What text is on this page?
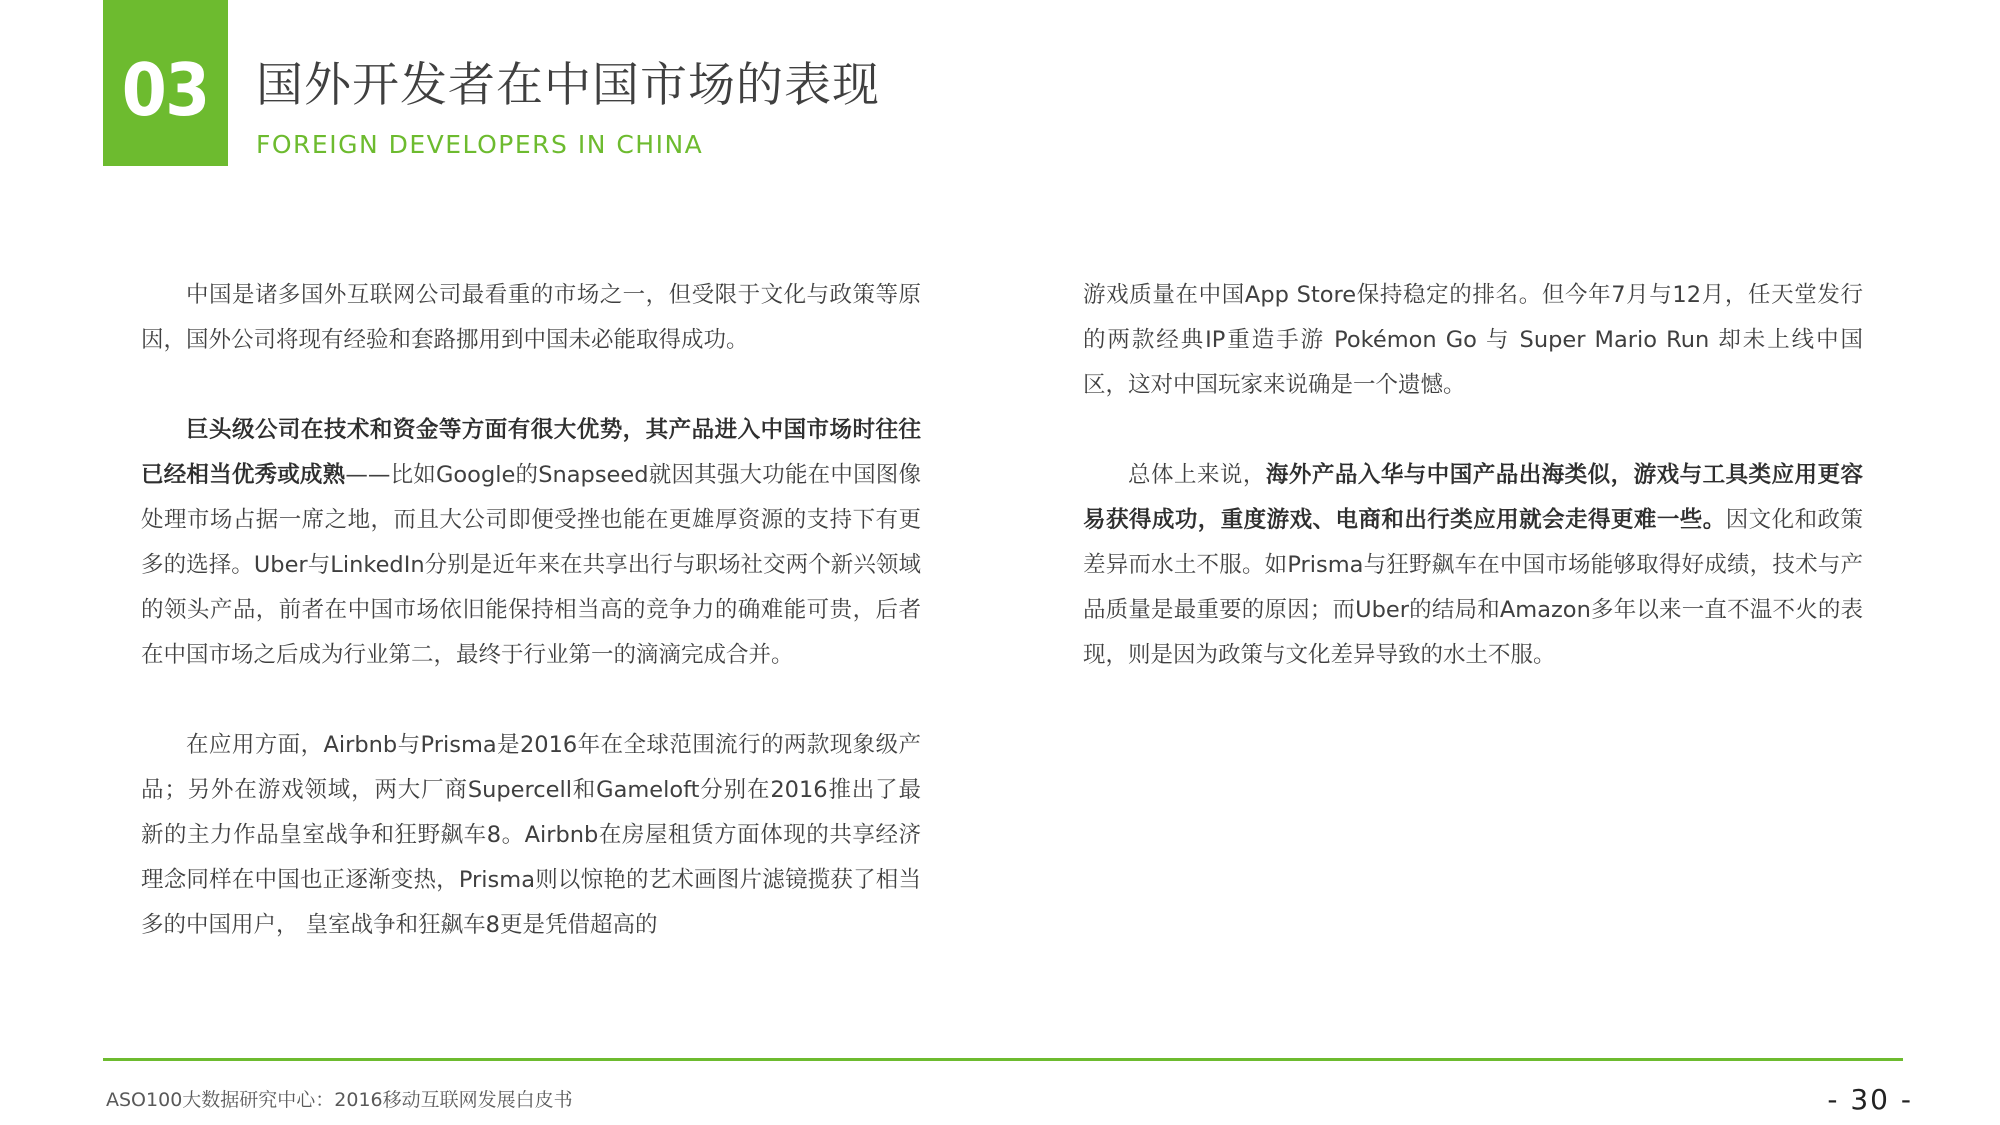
03 国外开发者在中国市场的表现
FOREIGN DEVELOPERS IN CHINA

中国是诸多国外互联网公司最看重的市场之一，但受限于文化与政策等原因，国外公司将现有经验和套路挪用到中国未必能取得成功。

巨头级公司在技术和资金等方面有很大优势，其产品进入中国市场时往往已经相当优秀或成熟——比如Google的Snapseed就因其强大功能在中国图像处理市场占据一席之地，而且大公司即便受挫也能在更雄厚资源的支持下有更多的选择。Uber与LinkedIn分别是近年来在共享出行与职场社交两个新兴领域的领头产品，前者在中国市场依旧能保持相当高的竞争力的确难能可贵，后者在中国市场之后成为行业第二，最终于行业第一的滴滴完成合并。

在应用方面，Airbnb与Prisma是2016年在全球范围流行的两款现象级产品；另外在游戏领域，两大厂商Supercell和Gameloft分别在2016推出了最新的主力作品皇室战争和狂野飙车8。Airbnb在房屋租赁方面体现的共享经济理念同样在中国也正逐渐变热，Prisma则以惊艳的艺术画图片滤镜揽获了相当多的中国用户， 皇室战争和狂飙车8更是凭借超高的

游戏质量在中国App Store保持稳定的排名。但今年7月与12月，任天堂发行的两款经典IP重造手游 Pokémon Go 与 Super Mario Run 却未上线中国区，这对中国玩家来说确是一个遗憾。

总体上来说，海外产品入华与中国产品出海类似，游戏与工具类应用更容易获得成功，重度游戏、电商和出行类应用就会走得更难一些。因文化和政策差异而水土不服。如Prisma与狂野飙车在中国市场能够取得好成绩，技术与产品质量是最重要的原因；而Uber的结局和Amazon多年以来一直不温不火的表现，则是因为政策与文化差异导致的水土不服。

ASO100大数据研究中心：2016移动互联网发展白皮书	- 30 -
